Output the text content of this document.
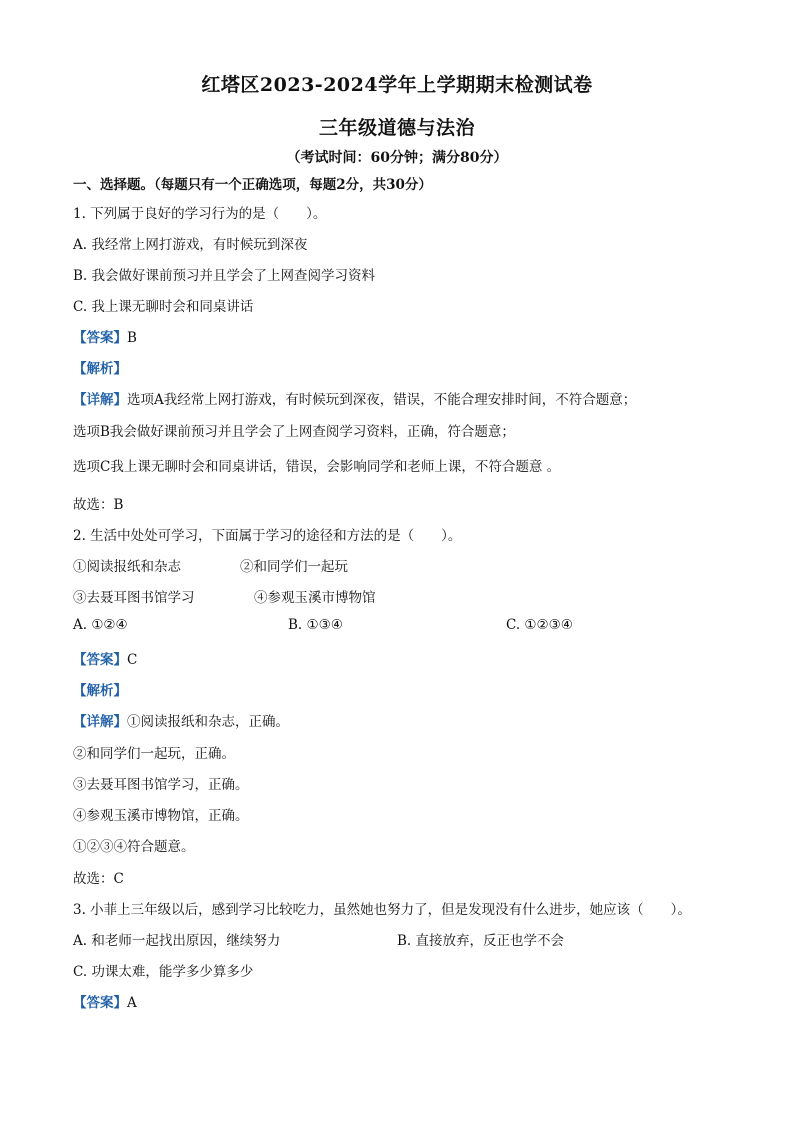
红塔区2023-2024学年上学期期末检测试卷
三年级道德与法治
（考试时间：60分钟；满分80分）
一、选择题。（每题只有一个正确选项，每题2分，共30分）
1. 下列属于良好的学习行为的是（　　）。
A. 我经常上网打游戏，有时候玩到深夜
B. 我会做好课前预习并且学会了上网查阅学习资料
C. 我上课无聊时会和同桌讲话
【答案】B
【解析】
【详解】选项A我经常上网打游戏，有时候玩到深夜，错误，不能合理安排时间，不符合题意；
选项B我会做好课前预习并且学会了上网查阅学习资料，正确，符合题意；
选项C我上课无聊时会和同桌讲话，错误，会影响同学和老师上课，不符合题意 。
故选：B
2. 生活中处处可学习，下面属于学习的途径和方法的是（　　）。
①阅读报纸和杂志	②和同学们一起玩
③去聂耳图书馆学习	④参观玉溪市博物馆
A. ①②④	B. ①③④	C. ①②③④
【答案】C
【解析】
【详解】①阅读报纸和杂志，正确。
②和同学们一起玩，正确。
③去聂耳图书馆学习，正确。
④参观玉溪市博物馆，正确。
①②③④符合题意。
故选：C
3. 小菲上三年级以后，感到学习比较吃力，虽然她也努力了，但是发现没有什么进步，她应该（　　）。
A. 和老师一起找出原因，继续努力	B. 直接放弃，反正也学不会
C. 功课太难，能学多少算多少
【答案】A
